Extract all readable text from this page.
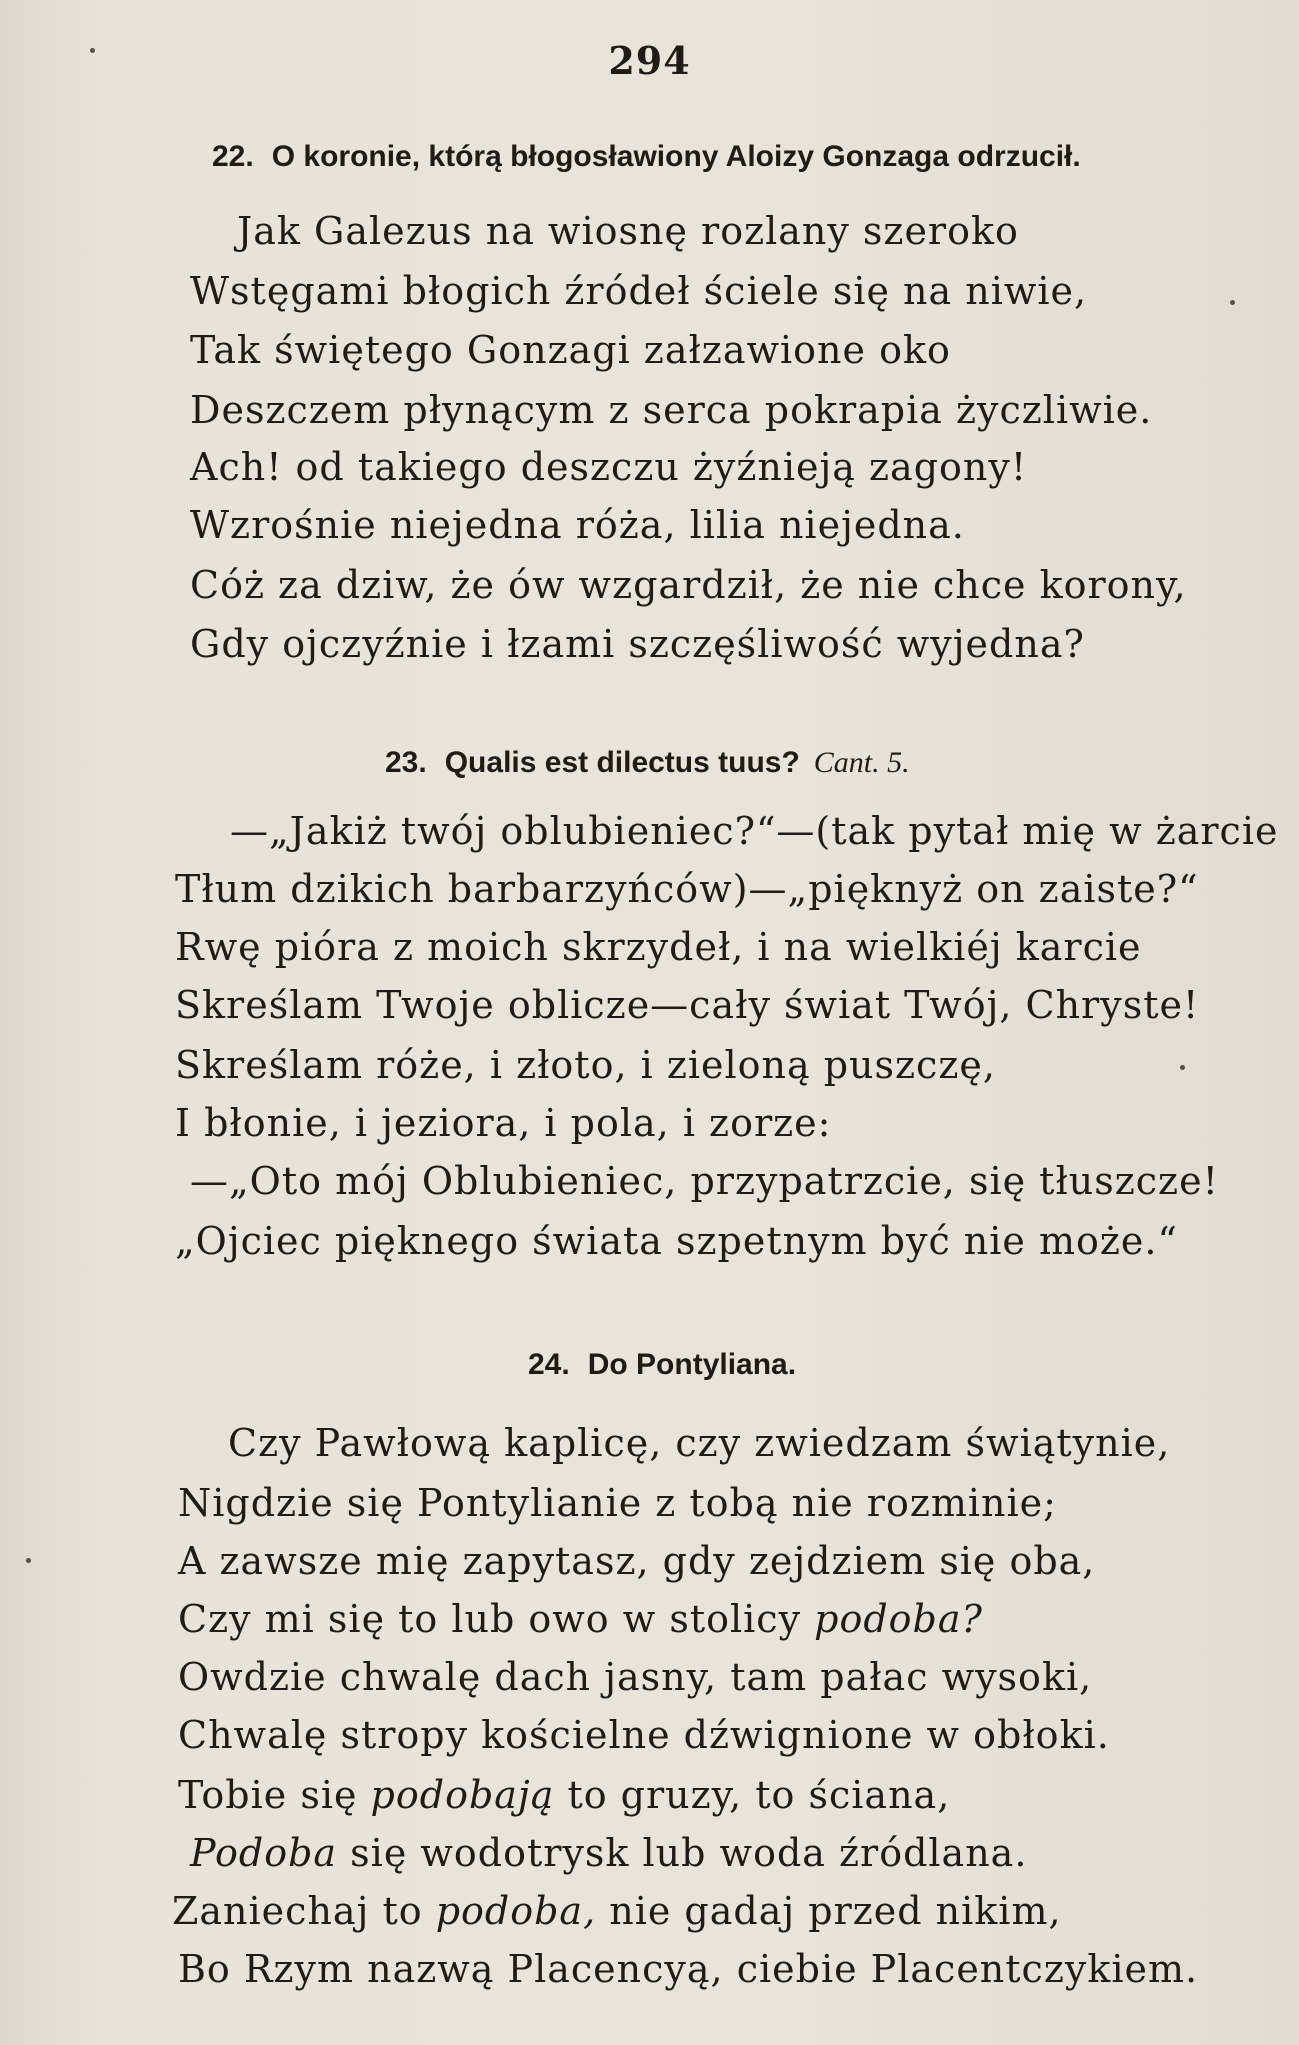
294
22. O koronie, którą błogosławiony Aloizy Gonzaga odrzucił.
Jak Galezus na wiosnę rozlany szeroko
Wstęgami błogich źródeł ściele się na niwie,
Tak świętego Gonzagi załzawione oko
Deszczem płynącym z serca pokrapia życzliwie.
Ach! od takiego deszczu żyźnieją zagony!
Wzrośnie niejedna róża, lilia niejedna.
Cóż za dziw, że ów wzgardził, że nie chce korony,
Gdy ojczyźnie i łzami szczęśliwość wyjedna?
23. Qualis est dilectus tuus? Cant. 5.
—„Jakiż twój oblubieniec?“—(tak pytał mię w żarcie
Tłum dzikich barbarzyńców)—„pięknyż on zaiste?“
Rwę pióra z moich skrzydeł, i na wielkiéj karcie
Skreślam Twoje oblicze—cały świat Twój, Chryste!
Skreślam róże, i złoto, i zieloną puszczę,
I błonie, i jeziora, i pola, i zorze:
—„Oto mój Oblubieniec, przypatrzcie, się tłuszcze!
„Ojciec pięknego świata szpetnym być nie może.“
24. Do Pontyliana.
Czy Pawłową kaplicę, czy zwiedzam świątynie,
Nigdzie się Pontylianie z tobą nie rozminie;
A zawsze mię zapytasz, gdy zejdziem się oba,
Czy mi się to lub owo w stolicy podoba?
Owdzie chwalę dach jasny, tam pałac wysoki,
Chwalę stropy kościelne dźwignione w obłoki.
Tobie się podobają to gruzy, to ściana,
Podoba się wodotrysk lub woda źródlana.
Zaniechaj to podoba, nie gadaj przed nikim,
Bo Rzym nazwą Placencyą, ciebie Placentczykiem.
